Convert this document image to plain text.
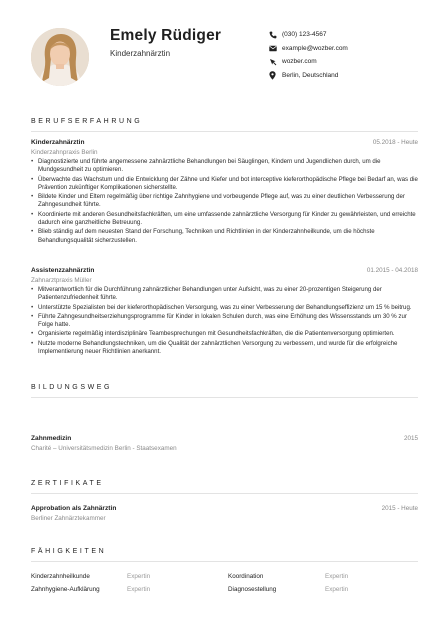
Emely Rüdiger
Kinderzahnärztin
(030) 123-4567
example@wozber.com
wozber.com
Berlin, Deutschland
BERUFSERFAHRUNG
Kinderzahnärztin	05.2018 - Heute
Kinderzahnpraxis Berlin
• Diagnostizierte und führte angemessene zahnärztliche Behandlungen bei Säuglingen, Kindern und Jugendlichen durch, um die Mundgesundheit zu optimieren.
• Überwachte das Wachstum und die Entwicklung der Zähne und Kiefer und bot interceptive kieferorthopädische Pflege bei Bedarf an, was die Prävention zukünftiger Komplikationen sicherstellte.
• Bildete Kinder und Eltern regelmäßig über richtige Zahnhygiene und vorbeugende Pflege auf, was zu einer deutlichen Verbesserung der Zahngesundheit führte.
• Koordinierte mit anderen Gesundheitsfachkräften, um eine umfassende zahnärztliche Versorgung für Kinder zu gewährleisten, und erreichte dadurch eine ganzheitliche Betreuung.
• Blieb ständig auf dem neuesten Stand der Forschung, Techniken und Richtlinien in der Kinderzahnheilkunde, um die höchste Behandlungsqualität sicherzustellen.
Assistenzzahnärztin	01.2015 - 04.2018
Zahnarztpraxis Müller
• Mitverantwortlich für die Durchführung zahnärztlicher Behandlungen unter Aufsicht, was zu einer 20-prozentigen Steigerung der Patientenzufriedenheit führte.
• Unterstützte Spezialisten bei der kieferorthopädischen Versorgung, was zu einer Verbesserung der Behandlungseffizienz um 15 % beitrug.
• Führte Zahngesundheitserziehungsprogramme für Kinder in lokalen Schulen durch, was eine Erhöhung des Wissensstands um 30 % zur Folge hatte.
• Organisierte regelmäßig interdisziplinäre Teambesprechungen mit Gesundheitsfachkräften, die die Patientenversorgung optimierten.
• Nutzte moderne Behandlungstechniken, um die Qualität der zahnärztlichen Versorgung zu verbessern, und wurde für die erfolgreiche Implementierung neuer Richtlinien anerkannt.
BILDUNGSWEG
Zahnmedizin	2015
Charité – Universitätsmedizin Berlin - Staatsexamen
ZERTIFIKATE
Approbation als Zahnärztin	2015 - Heute
Berliner Zahnärztekammer
FÄHIGKEITEN
Kinderzahnheilkunde	Expertin	Koordination	Expertin
Zahnhygiene-Aufklärung	Expertin	Diagnosestellung	Expertin
